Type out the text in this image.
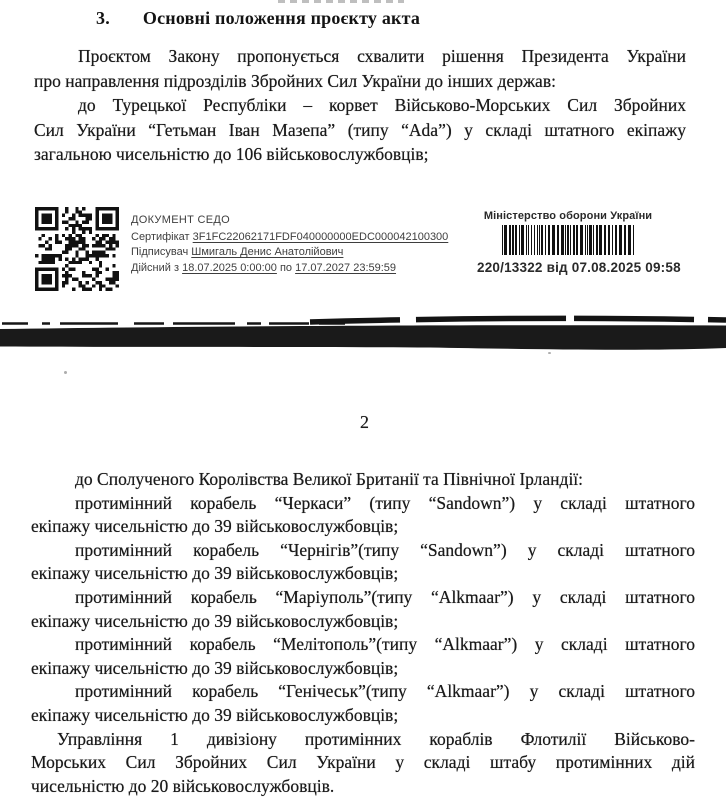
3. Основні положення проєкту акта
Проєктом Закону пропонується схвалити рішення Президента України
про направлення підрозділів Збройних Сил України до інших держав:
до Турецької Республіки – корвет Військово-Морських Сил Збройних
Сил України “Гетьман Іван Мазепа” (типу “Ada”) у складі штатного екіпажу
загальною чисельністю до 106 військовослужбовців;
ДОКУМЕНТ СЕДО
Сертифікат 3F1FC22062171FDF040000000EDC000042100300
Підписувач Шмигаль Денис Анатолійович
Дійсний з 18.07.2025 0:00:00 по 17.07.2027 23:59:59
Міністерство оборони України
220/13322 від 07.08.2025 09:58
2
до Сполученого Королівства Великої Британії та Північної Ірландії:
протимінний корабель “Черкаси” (типу “Sandown”) у складі штатного
екіпажу чисельністю до 39 військовослужбовців;
протимінний корабель “Чернігів”(типу “Sandown”) у складі штатного
екіпажу чисельністю до 39 військовослужбовців;
протимінний корабель “Маріуполь”(типу “Alkmaar”) у складі штатного
екіпажу чисельністю до 39 військовослужбовців;
протимінний корабель “Мелітополь”(типу “Alkmaar”) у складі штатного
екіпажу чисельністю до 39 військовослужбовців;
протимінний корабель “Генічеськ”(типу “Alkmaar”) у складі штатного
екіпажу чисельністю до 39 військовослужбовців;
Управління 1 дивізіону протимінних кораблів Флотилії Військово-
Морських Сил Збройних Сил України у складі штабу протимінних дій
чисельністю до 20 військовослужбовців.
